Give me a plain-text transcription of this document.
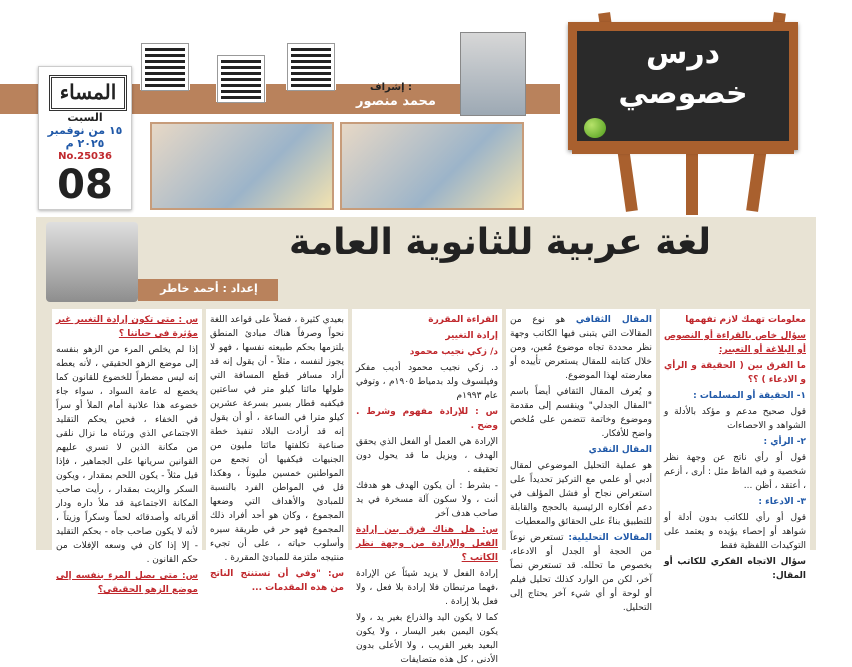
المساء
السبت
١٥ من نوفمبر
٢٠٢٥ م
No.25036
08
إشراف :
محمد منصور
درس
خصوصي
لغة عربية للثانوية العامة
إعداد : أحمد خاطر

معلومات تهمك لازم تفهمها

سؤال خاص بالقراءة أو النصوص أو البلاغة أو التعبير:

ما الفرق بين ( الحقيقة و الرأي و الادعاء ) ؟؟

١- الحقيقة أو المسلمات :

قول صحيح مدعم و مؤكد بالأدلة و الشواهد و الاحصاءات

٢- الرأي :

قول أو رأي ناتج عن وجهة نظر شخصية و فيه الفاظ مثل : أرى ، أزعم ، أعتقد ، أظن ...

٣- الادعاء :

قول أو رأي للكاتب بدون أدلة أو شواهد أو إحصاء يؤيده و يعتمد على التوكيدات اللفظية فقط

سؤال الاتجاه الفكري للكاتب أو المقال:

المقال الثقافي هو نوع من المقالات التي يتبنى فيها الكاتب وجهة نظر محددة تجاه موضوع مُعين، ومن خلال كتابته للمقال يستعرض تأييده أو معارضته لهذا الموضوع.

و يُعرف المقال الثقافي أيضاً باسم "المقال الجدلي" وينقسم إلى مقدمة وموضوع وخاتمة تتضمن على مُلخص واضح للأفكار.

المقال النقدي

هو عملية التحليل الموضوعي لمقال أدبي أو علمي مع التركيز تحديداً على استعراض نجاح أو فشل المؤلف في دعم أفكاره الرئيسية بالحجج والقابلة للتطبيق بناءً على الحقائق والمعطيات

المقالات التحليلية: تستعرض نوعاً من الحجة أو الجدل أو الادعاء، بخصوص ما تحلله. قد تستعرض نصاً آخر، لكن من الوارد كذلك تحليل فيلم أو لوحة أو أي شيء آخر يحتاج إلى التحليل.

القراءة المقررة

إرادة التغيير

د/ زكي نجيب محمود

د. زكي نجيب محمود أديب مفكر وفيلسوف ولد بدمياط ١٩٠٥م ، وتوفي عام ١٩٩٣م

س : للإرادة مفهوم وشرط . وضح .

الإرادة هي العمل أو الفعل الذي يحقق الهدف ، ويزيل ما قد يحول دون تحقيقه .

- بشرط : أن يكون الهدف هو هدفك أنت ، ولا سكون آلة مسخرة في يد صاحب هدف آخر

س: هل هناك فرق بين إرادة الفعل والإرادة من وجهة نظر الكاتب ؟

إرادة الفعل لا يزيد شيئاً عن الإرادة ،فهما مرتبطان فلا إرادة بلا فعل ، ولا فعل بلا إرادة .

كما لا يكون اليد والذراع بغير يد ، ولا يكون اليمين بغير اليسار ، ولا يكون البعيد بغير القريب ، ولا الأعلى بدون الأدنى ، كل هذه متضايفات

بعيدي كثيرة ، فضلاً على قواعد اللغة نحواً وصرفاً هناك مبادئ المنطق يلتزمها بحكم طبيعته نفسها ، فهو لا يجوز لنفسه ، مثلاً - أن يقول إنه قد أراد مسافر قطع المسافة التي طولها مائتا كيلو متر في ساعتين فيكفيه قطار بسير بسرعة عشرين كيلو مترا في الساعة ، أو أن يقول إنه قد أرادت البلاد تنفيذ خطة صناعية تكلفتها مائتا مليون من الجنيهات فيكفيها أن تجمع من المواطنين خمسين مليوناً ، وهكذا قل في المواطن الفرد بالنسبة للمبادئ والأهداف التي وضعها المجموع ، وكان هو أحد أفراد ذلك المجموع فهو حر في طريقة سيره وأسلوب حياته ، على أن تجيء منتيجه ملتزمة للمبادئ المقررة .

س: "وفي أن تستنتج الناتج من هذه المقدمات ...

س : متى تكون إرادة التغيير غير مؤثرة في حياتنا ؟

إذا لم يخلص المرء من الزهو بنفسه إلى موضع الزهو الحقيقي ، لأنه يعطه إنه ليس مضطراً للخضوع للقانون كما يخضع له عامة السواد ، سواء جاء خضوعه هذا علانية أمام الملأ أو سراً في الخفاء ، فحين يحكم التقليد الاجتماعي الذي ورثناه ما نزال نلقى من مكانة الذين لا تسري عليهم القوانين سريانها على الجماهير ، فإذا قيل مثلاً - يكون اللحم بمقدار ، ويكون السكر والزيت بمقدار ، رأيت صاحب المكانة الاجتماعية قد ملأ داره ودار أقربائه وأصدقائه لحماً وسكراً وزيتاً ، لأنه لا يكون صاحب جاه - بحكم التقليد - إلا إذا كان في وسعه الإفلات من حكم القانون .

س: متى يصل المرء بنفسه إلى موضع الزهو الحقيقي؟
